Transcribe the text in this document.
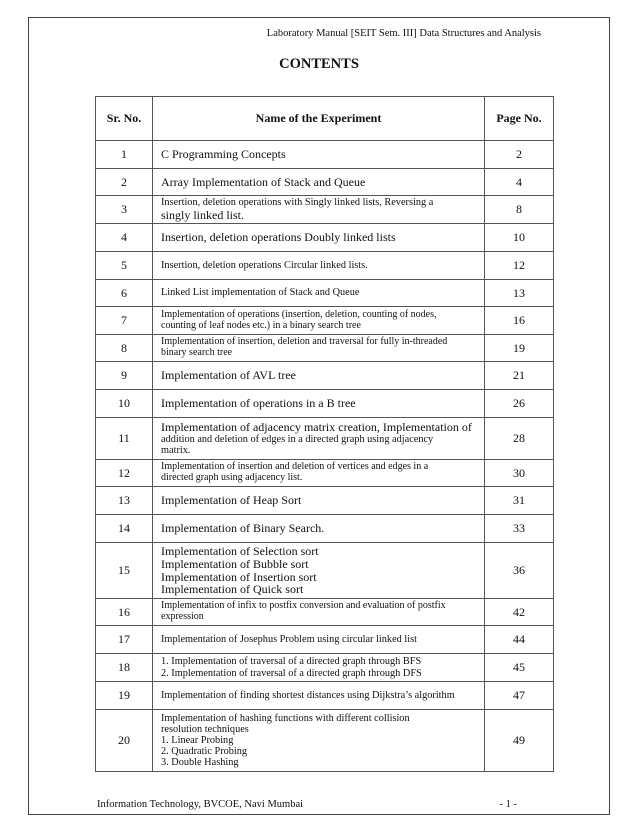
Laboratory Manual [SEIT Sem. III] Data Structures and Analysis
CONTENTS
Sr. No.	Name of the Experiment	Page No.
1	C Programming Concepts	2
2	Array Implementation of Stack and Queue	4
3	Insertion, deletion operations with Singly linked lists, Reversing a
singly linked list.	8
4	Insertion, deletion operations Doubly linked lists	10
5	Insertion, deletion operations Circular linked lists.	12
6	Linked List implementation of Stack and Queue	13
7	Implementation of operations (insertion, deletion, counting of nodes,
counting of leaf nodes etc.) in a binary search tree	16
8	Implementation of insertion, deletion and traversal for fully in-threaded
binary search tree	19
9	Implementation of AVL tree	21
10	Implementation of operations in a B tree	26
11	Implementation of adjacency matrix creation, Implementation of
addition and deletion of edges in a directed graph using adjacency
matrix.	28
12	Implementation of insertion and deletion of vertices and edges in a
directed graph using adjacency list.	30
13	Implementation of Heap Sort	31
14	Implementation of Binary Search.	33
15	Implementation of Selection sort
Implementation of Bubble sort
Implementation of Insertion sort
Implementation of Quick sort	36
16	Implementation of infix to postfix conversion and evaluation of postfix
expression	42
17	Implementation of Josephus Problem using circular linked list	44
18	1. Implementation of traversal of a directed graph through BFS
2. Implementation of traversal of a directed graph through DFS	45
19	Implementation of finding shortest distances using Dijkstra’s algorithm	47
20	Implementation of hashing functions with different collision
resolution techniques
1. Linear Probing
2. Quadratic Probing
3. Double Hashing	49
Information Technology, BVCOE, Navi Mumbai	- 1 -
